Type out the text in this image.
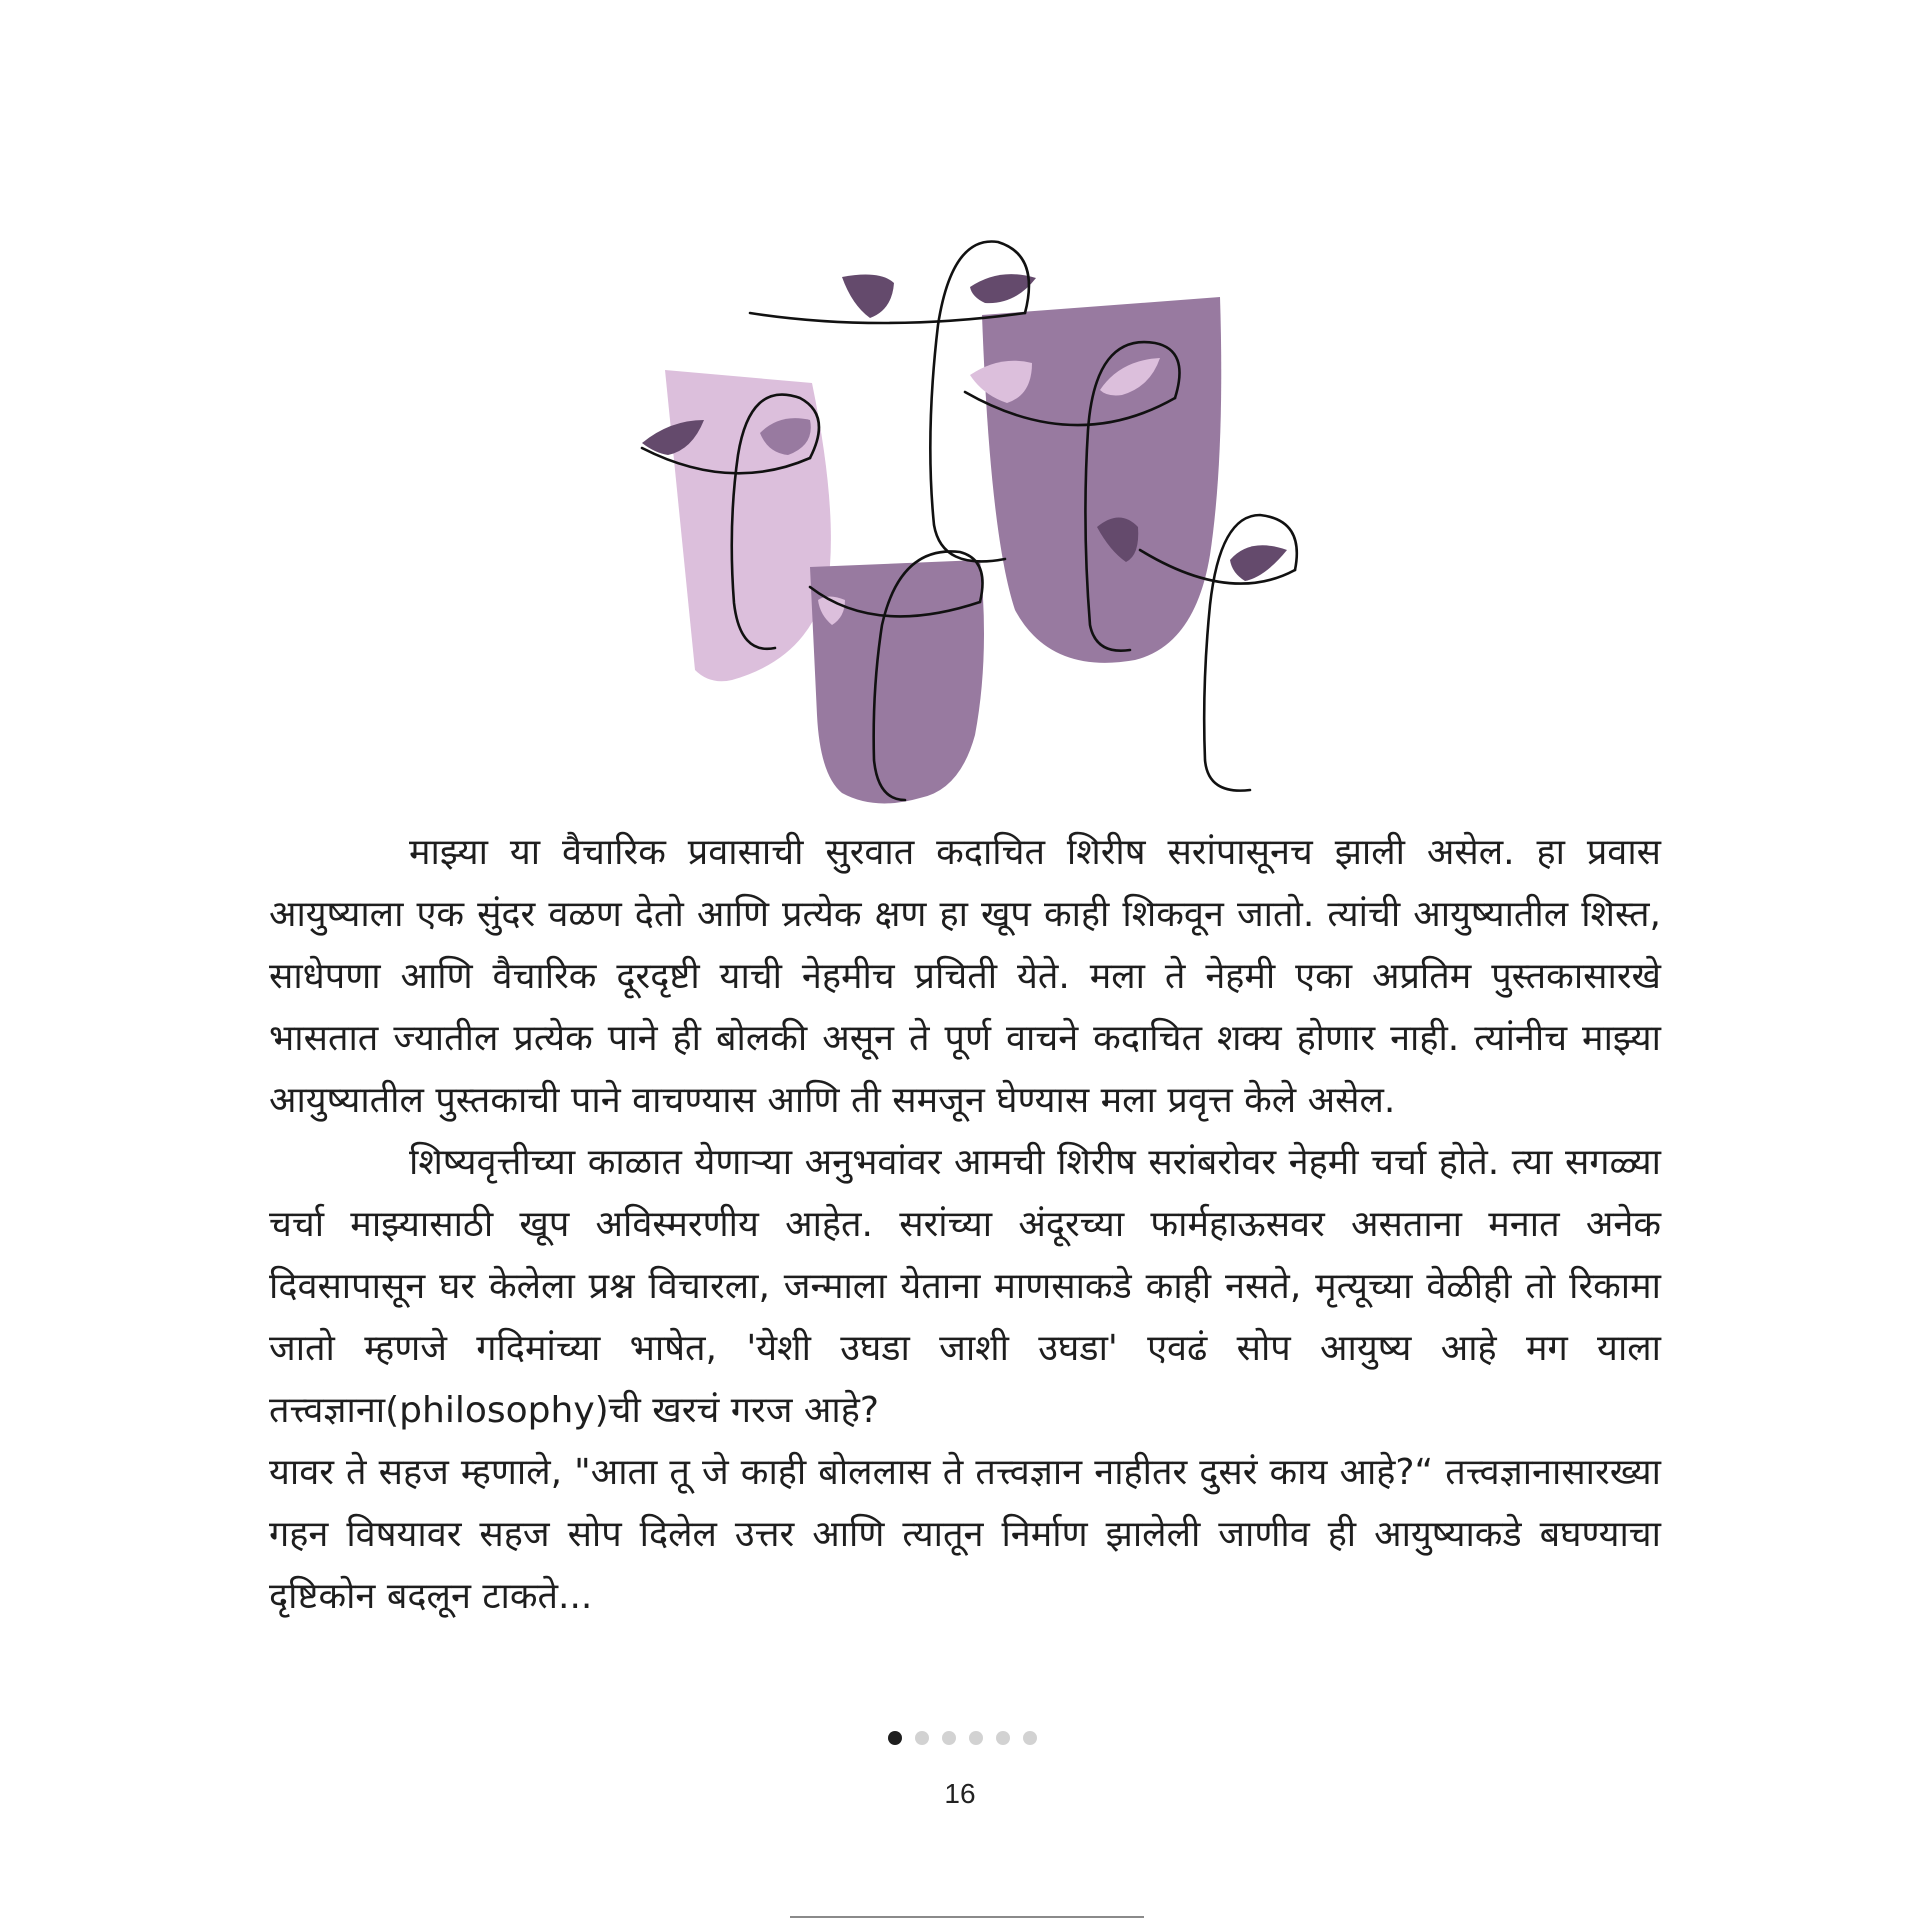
माझ्या या वैचारिक प्रवासाची सुरवात कदाचित शिरीष सरांपासूनच झाली असेल. हा प्रवास आयुष्याला एक सुंदर वळण देतो आणि प्रत्येक क्षण हा खूप काही शिकवून जातो. त्यांची आयुष्यातील शिस्त, साधेपणा आणि वैचारिक दूरदृष्टी याची नेहमीच प्रचिती येते. मला ते नेहमी एका अप्रतिम पुस्तकासारखे भासतात ज्यातील प्रत्येक पाने ही बोलकी असून ते पूर्ण वाचने कदाचित शक्य होणार नाही. त्यांनीच माझ्या आयुष्यातील पुस्तकाची पाने वाचण्यास आणि ती समजून घेण्यास मला प्रवृत्त केले असेल.

शिष्यवृत्तीच्या काळात येणाऱ्या अनुभवांवर आमची शिरीष सरांबरोवर नेहमी चर्चा होते. त्या सगळ्या चर्चा माझ्यासाठी खूप अविस्मरणीय आहेत. सरांच्या अंदूरच्या फार्महाऊसवर असताना मनात अनेक दिवसापासून घर केलेला प्रश्न विचारला, जन्माला येताना माणसाकडे काही नसते, मृत्यूच्या वेळीही तो रिकामा जातो म्हणजे गदिमांच्या भाषेत, 'येशी उघडा जाशी उघडा' एवढं सोप आयुष्य आहे मग याला तत्त्वज्ञाना(philosophy)ची खरचं गरज आहे?

यावर ते सहज म्हणाले, "आता तू जे काही बोललास ते तत्त्वज्ञान नाहीतर दुसरं काय आहे?“ तत्त्वज्ञानासारख्या गहन विषयावर सहज सोप दिलेल उत्तर आणि त्यातून निर्माण झालेली जाणीव ही आयुष्याकडे बघण्याचा दृष्टिकोन बदलून टाकते...

16
